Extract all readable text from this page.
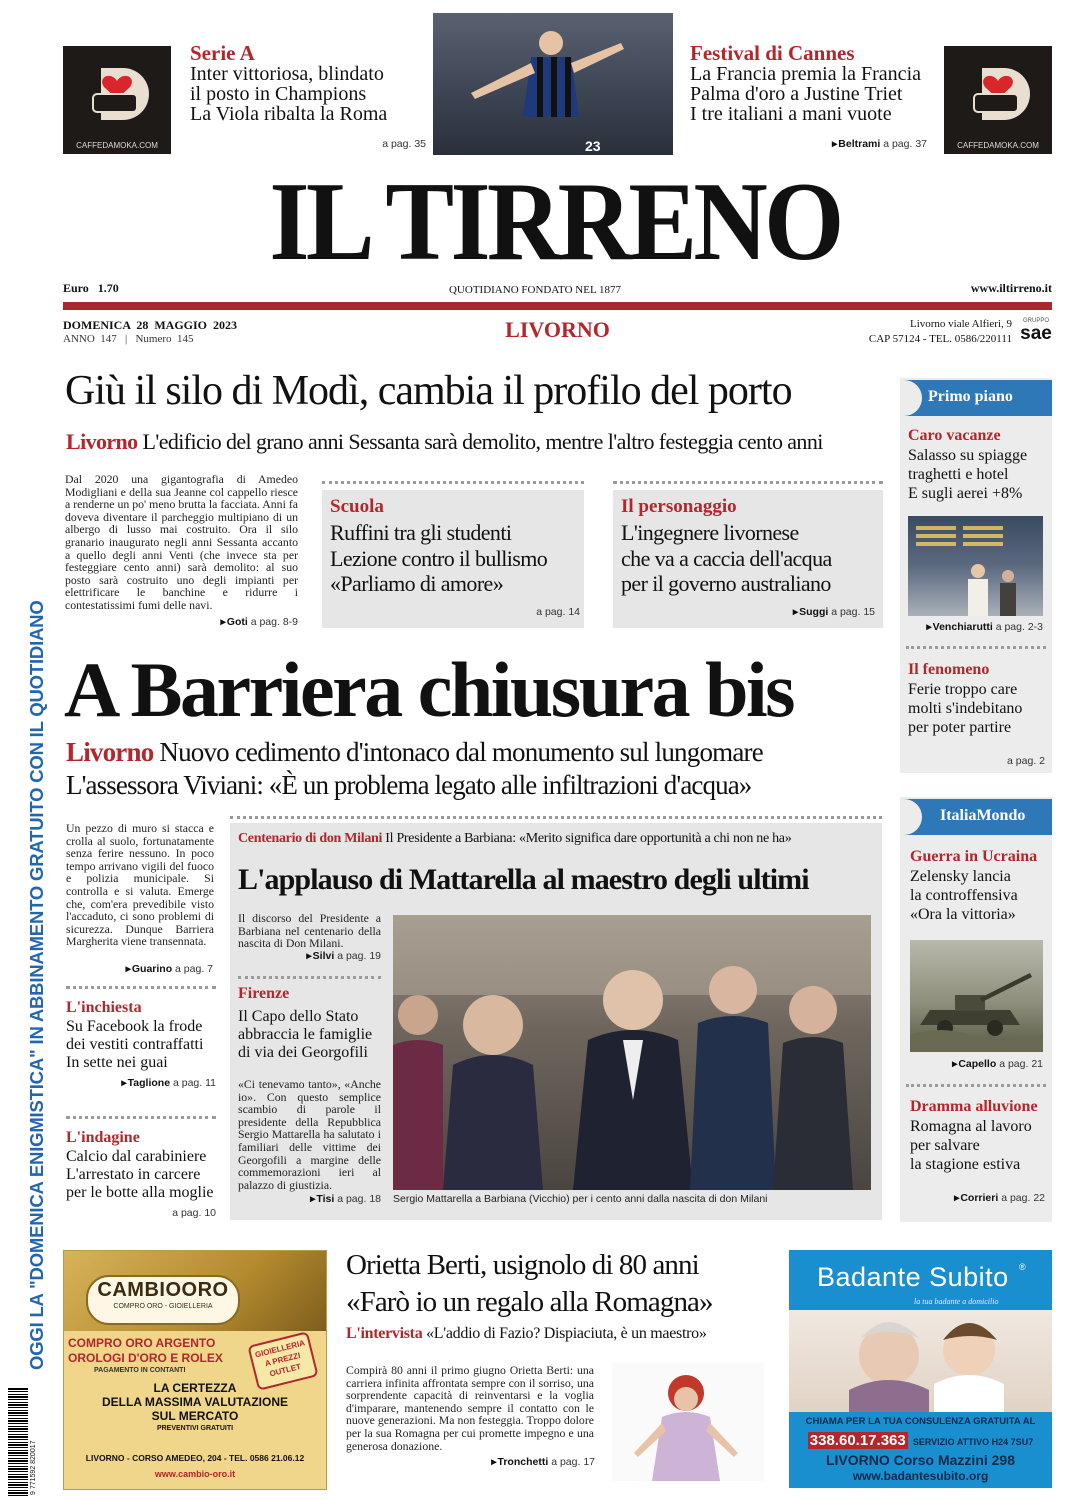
CAFFEDAMOKA.COM
Serie A
Inter vittoriosa, blindato
il posto in Champions
La Viola ribalta la Roma
a pag. 35	23
Festival di Cannes
La Francia premia la Francia
Palma d'oro a Justine Triet
I tre italiani a mani vuote
▸ Beltrami a pag. 37	CAFFEDAMOKA.COM
IL TIRRENO
Euro   1.70	QUOTIDIANO FONDATO NEL 1877	www.iltirreno.it
DOMENICA  28  MAGGIO  2023
ANNO  147   |   Numero  145	LIVORNO	Livorno viale Alfieri, 9
CAP 57124 - TEL. 0586/220111
GRUPPO
sae
OGGI LA "DOMENICA ENIGMISTICA" IN ABBINAMENTO GRATUITO CON IL QUOTIDIANO
Giù il silo di Modì, cambia il profilo del porto
Livorno L'edificio del grano anni Sessanta sarà demolito, mentre l'altro festeggia cento anni
Dal 2020 una gigantografia di Amedeo Modigliani e della sua Jeanne col cappello riesce a renderne un po' meno brutta la facciata. Anni fa doveva diventare il parcheggio multipiano di un albergo di lusso mai costruito. Ora il silo granario inaugurato negli anni Sessanta accanto a quello degli anni Venti (che invece sta per festeggiare cento anni) sarà demolito: al suo posto sarà costruito uno degli impianti per elettrificare le banchine e ridurre i contestatissimi fumi delle navi.
▸ Goti a pag. 8-9
Scuola
Ruffini tra gli studenti
Lezione contro il bullismo
«Parliamo di amore»
a pag. 14
Il personaggio
L'ingegnere livornese
che va a caccia dell'acqua
per il governo australiano
▸ Suggi a pag. 15
A Barriera chiusura bis
Livorno Nuovo cedimento d'intonaco dal monumento sul lungomare
L'assessora Viviani: «È un problema legato alle infiltrazioni d'acqua»
Un pezzo di muro si stacca e crolla al suolo, fortunatamente senza ferire nessuno. In poco tempo arrivano vigili del fuoco e polizia municipale. Si controlla e si valuta. Emerge che, com'era prevedibile visto l'accaduto, ci sono problemi di sicurezza. Dunque Barriera Margherita viene transennata.
▸ Guarino a pag. 7
L'inchiesta
Su Facebook la frode
dei vestiti contraffatti
In sette nei guai
▸ Taglione a pag. 11
L'indagine
Calcio dal carabiniere
L'arrestato in carcere
per le botte alla moglie
a pag. 10
Centenario di don Milani Il Presidente a Barbiana: «Merito significa dare opportunità a chi non ne ha»
L'applauso di Mattarella al maestro degli ultimi
Il discorso del Presidente a Barbiana nel centenario della nascita di Don Milani.
▸ Silvi a pag. 19
Firenze
Il Capo dello Stato
abbraccia le famiglie
di via dei Georgofili
«Ci tenevamo tanto», «Anche io». Con questo semplice scambio di parole il presidente della Repubblica Sergio Mattarella ha salutato i familiari delle vittime dei Georgofili a margine delle commemorazioni ieri al palazzo di giustizia.
▸ Tisi a pag. 18 Sergio Mattarella a Barbiana (Vicchio) per i cento anni dalla nascita di don Milani
Primo piano
Caro vacanze
Salasso su spiagge
traghetti e hotel
E sugli aerei +8%
▸ Venchiarutti a pag. 2-3
Il fenomeno
Ferie troppo care
molti s'indebitano
per poter partire
a pag. 2
ItaliaMondo
Guerra in Ucraina
Zelensky lancia
la controffensiva
«Ora la vittoria»
▸ Capello a pag. 21
Dramma alluvione
Romagna al lavoro
per salvare
la stagione estiva
▸ Corrieri a pag. 22
CAMBIOORO
COMPRO ORO - GIOIELLERIA
COMPRO ORO ARGENTO
OROLOGI D'ORO E ROLEX
PAGAMENTO IN CONTANTI
GIOIELLERIA A PREZZI OUTLET
LA CERTEZZA
DELLA MASSIMA VALUTAZIONE
SUL MERCATO
PREVENTIVI GRATUITI
LIVORNO - CORSO AMEDEO, 204 - TEL. 0586 21.06.12
www.cambio-oro.it
Orietta Berti, usignolo di 80 anni
«Farò io un regalo alla Romagna»
L'intervista «L'addio di Fazio? Dispiaciuta, è un maestro»
Compirà 80 anni il primo giugno Orietta Berti: una carriera infinita affrontata sempre con il sorriso, una sorprendente capacità di reinventarsi e la voglia d'imparare, mantenendo sempre il contatto con le nuove generazioni. Ma non festeggia. Troppo dolore per la sua Romagna per cui promette impegno e una generosa donazione.
▸ Tronchetti a pag. 17
Badante Subito ®
la tua badante a domicilio
CHIAMA PER LA TUA CONSULENZA GRATUITA AL
338.60.17.363 SERVIZIO ATTIVO H24 7SU7
LIVORNO Corso Mazzini 298
www.badantesubito.org
9 771592 820017
